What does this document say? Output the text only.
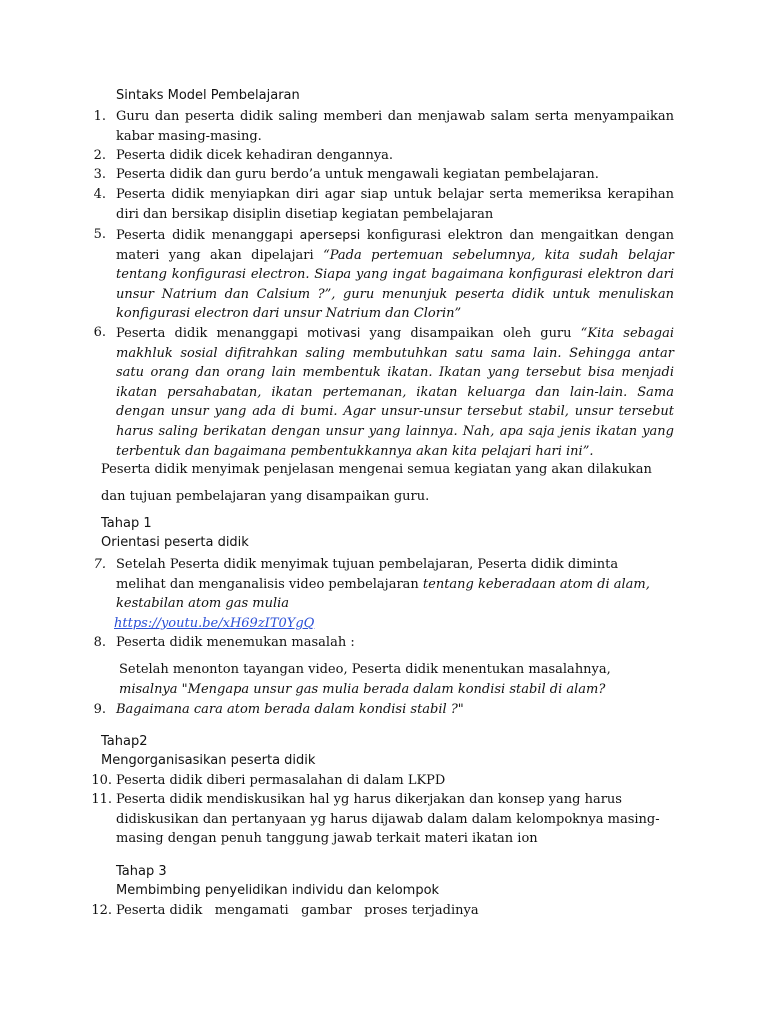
Sintaks Model Pembelajaran
1. Guru dan peserta didik saling memberi dan menjawab salam serta menyampaikan kabar masing-masing.
2. Peserta didik dicek kehadiran dengannya.
3. Peserta didik dan guru berdo’a untuk mengawali kegiatan pembelajaran.
4. Peserta didik menyiapkan diri agar siap untuk belajar serta memeriksa kerapihan diri dan bersikap disiplin disetiap kegiatan pembelajaran
5. Peserta didik menanggapi apersepsi konfigurasi elektron dan mengaitkan dengan materi yang akan dipelajari “Pada pertemuan sebelumnya, kita sudah belajar tentang konfigurasi electron. Siapa yang ingat bagaimana konfigurasi elektron dari unsur Natrium dan Calsium ?”, guru menunjuk peserta didik untuk menuliskan konfigurasi electron dari unsur Natrium dan Clorin”
6. Peserta didik menanggapi motivasi yang disampaikan oleh guru “Kita sebagai makhluk sosial difitrahkan saling membutuhkan satu sama lain. Sehingga antar satu orang dan orang lain membentuk ikatan. Ikatan yang tersebut bisa menjadi ikatan persahabatan, ikatan pertemanan, ikatan keluarga dan lain-lain. Sama dengan unsur yang ada di bumi. Agar unsur-unsur tersebut stabil, unsur tersebut harus saling berikatan dengan unsur yang lainnya. Nah, apa saja jenis ikatan yang terbentuk dan bagaimana pembentukkannya akan kita pelajari hari ini”.
Peserta didik menyimak penjelasan mengenai semua kegiatan yang akan dilakukan
dan tujuan pembelajaran yang disampaikan guru.
Tahap 1
Orientasi peserta didik
7. Setelah Peserta didik menyimak tujuan pembelajaran, Peserta didik diminta
melihat dan menganalisis video pembelajaran tentang keberadaan atom di alam,
kestabilan atom gas mulia
https://youtu.be/xH69zIT0YgQ
8. Peserta didik menemukan masalah :
Setelah menonton tayangan video, Peserta didik menentukan masalahnya,
misalnya "Mengapa unsur gas mulia berada dalam kondisi stabil di alam?
9. Bagaimana cara atom berada dalam kondisi stabil ?"
Tahap2
Mengorganisasikan peserta didik
10. Peserta didik diberi permasalahan di dalam LKPD
11. Peserta didik mendiskusikan hal yg harus dikerjakan dan konsep yang harus
didiskusikan dan pertanyaan yg harus dijawab dalam dalam kelompoknya masing-
masing dengan penuh tanggung jawab terkait materi ikatan ion
Tahap 3
Membimbing penyelidikan individu dan kelompok
12. Peserta didik   mengamati   gambar   proses terjadinya
